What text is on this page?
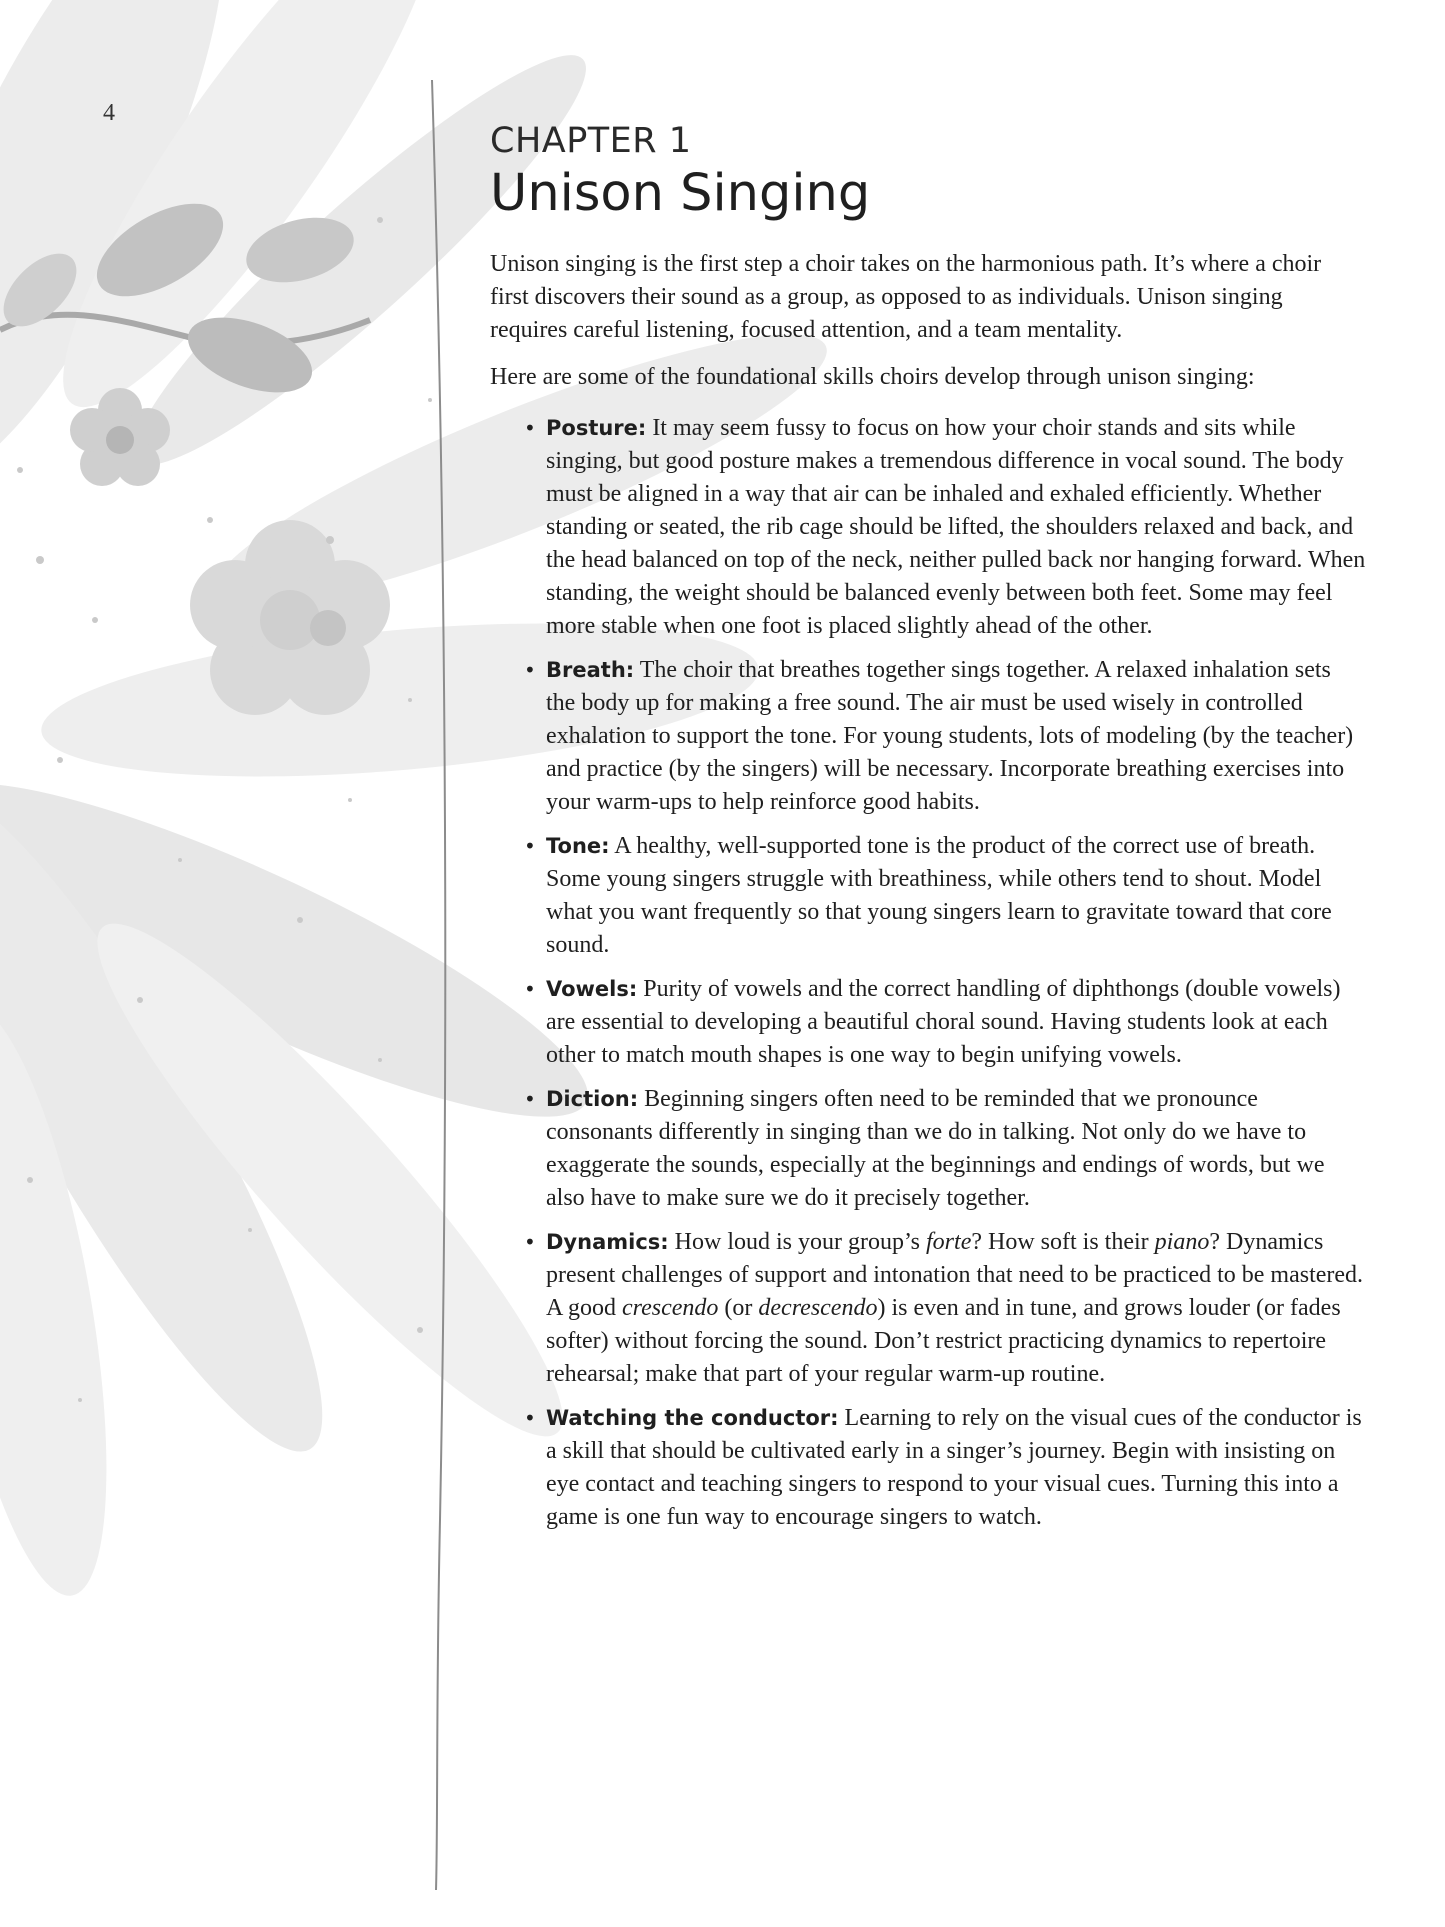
4
CHAPTER 1
Unison Singing

Unison singing is the first step a choir takes on the harmonious path. It’s where a choir first discovers their sound as a group, as opposed to as individuals. Unison singing requires careful listening, focused attention, and a team mentality.

Here are some of the foundational skills choirs develop through unison singing:

• Posture: It may seem fussy to focus on how your choir stands and sits while singing, but good posture makes a tremendous difference in vocal sound. The body must be aligned in a way that air can be inhaled and exhaled efficiently. Whether standing or seated, the rib cage should be lifted, the shoulders relaxed and back, and the head balanced on top of the neck, neither pulled back nor hanging forward. When standing, the weight should be balanced evenly between both feet. Some may feel more stable when one foot is placed slightly ahead of the other.
• Breath: The choir that breathes together sings together. A relaxed inhalation sets the body up for making a free sound. The air must be used wisely in controlled exhalation to support the tone. For young students, lots of modeling (by the teacher) and practice (by the singers) will be necessary. Incorporate breathing exercises into your warm-ups to help reinforce good habits.
• Tone: A healthy, well-supported tone is the product of the correct use of breath. Some young singers struggle with breathiness, while others tend to shout. Model what you want frequently so that young singers learn to gravitate toward that core sound.
• Vowels: Purity of vowels and the correct handling of diphthongs (double vowels) are essential to developing a beautiful choral sound. Having students look at each other to match mouth shapes is one way to begin unifying vowels.
• Diction: Beginning singers often need to be reminded that we pronounce consonants differently in singing than we do in talking. Not only do we have to exaggerate the sounds, especially at the beginnings and endings of words, but we also have to make sure we do it precisely together.
• Dynamics: How loud is your group’s forte? How soft is their piano? Dynamics present challenges of support and intonation that need to be practiced to be mastered. A good crescendo (or decrescendo) is even and in tune, and grows louder (or fades softer) without forcing the sound. Don’t restrict practicing dynamics to repertoire rehearsal; make that part of your regular warm-up routine.
• Watching the conductor: Learning to rely on the visual cues of the conductor is a skill that should be cultivated early in a singer’s journey. Begin with insisting on eye contact and teaching singers to respond to your visual cues. Turning this into a game is one fun way to encourage singers to watch.
